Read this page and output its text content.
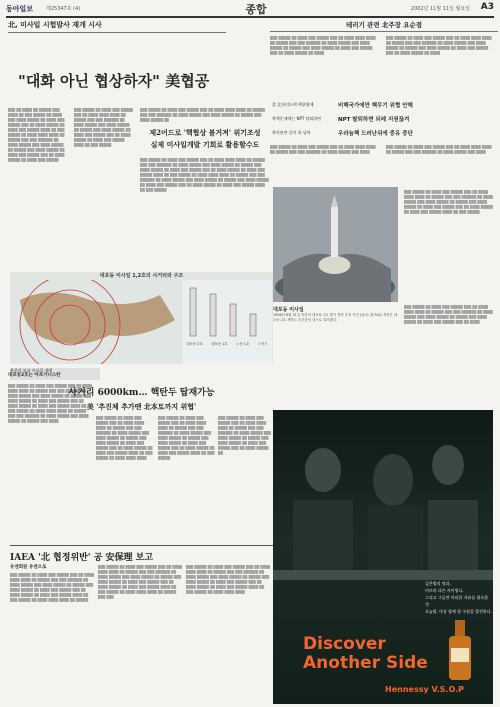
동아일보	제25347호 (4)	종합	2002년 11월 11일 월요일 A3
北, 미사일 시험발사 재개 시사
"대화 아닌 협상하자" 美협공

▒▒▒ ▒▒ ▒▒▒▒ ▒▒ ▒▒▒▒▒ ▒▒▒ ▒▒▒▒ ▒▒ ▒▒▒ ▒▒▒▒▒ ▒▒ ▒▒▒▒ ▒▒▒ ▒▒▒▒ ▒▒▒▒▒ ▒▒ ▒▒▒▒ ▒▒▒ ▒▒▒▒▒ ▒▒▒ ▒▒ ▒▒▒▒ ▒▒▒▒▒ ▒▒ ▒▒▒▒ ▒▒▒ ▒▒▒▒▒ ▒▒▒▒ ▒▒ ▒▒▒ ▒▒▒▒▒ ▒▒ ▒▒▒▒ ▒▒▒▒ ▒▒▒▒ ▒▒ ▒▒▒▒▒ ▒▒▒ ▒▒▒ ▒▒▒▒▒▒ ▒▒ ▒▒▒▒ ▒▒▒▒▒ ▒▒▒ ▒▒▒▒ ▒▒▒▒▒ ▒▒ ▒▒▒▒▒ ▒▒▒ ▒▒▒▒ ▒▒▒▒▒ ▒▒ ▒▒▒▒ ▒▒▒ ▒▒▒▒▒ ▒▒▒ ▒▒ ▒▒▒▒ ▒▒▒▒▒ ▒▒ ▒▒▒▒ ▒▒▒ ▒▒▒▒▒

▒▒▒ ▒▒▒▒▒ ▒▒ ▒▒▒▒ ▒▒▒ ▒▒▒▒▒ ▒▒▒ ▒▒ ▒▒▒▒ ▒▒▒▒ ▒▒▒▒ ▒▒ ▒▒▒▒▒ ▒▒▒ ▒▒▒ ▒▒▒▒▒▒ ▒▒ ▒▒▒▒ ▒▒▒▒▒ ▒▒▒ ▒▒▒▒ ▒▒▒▒▒ ▒▒ ▒▒▒▒▒ ▒▒▒ ▒▒▒▒ ▒▒▒▒▒ ▒▒ ▒▒▒▒ ▒▒▒ ▒▒▒▒▒ ▒▒▒ ▒▒ ▒▒▒▒ ▒▒▒▒▒ ▒▒ ▒▒▒▒ ▒▒▒ ▒▒▒▒▒ ▒▒▒▒ ▒▒ ▒▒▒ ▒▒▒▒▒

제2어드로 '핵협상 볼거져' 위기조성
실제 미사일개발 기회로 활용할수도

▒▒▒ ▒▒▒▒▒ ▒▒ ▒▒▒▒ ▒▒▒ ▒▒▒▒▒ ▒▒▒ ▒▒ ▒▒▒▒ ▒▒▒▒ ▒▒▒▒ ▒▒ ▒▒▒▒▒ ▒▒▒ ▒▒▒ ▒▒▒▒▒▒ ▒▒ ▒▒▒▒ ▒▒▒▒▒ ▒▒▒ ▒▒▒▒ ▒▒▒▒▒ ▒▒ ▒▒▒▒▒ ▒▒▒ ▒▒▒▒ ▒▒▒▒▒ ▒▒

▒▒▒ ▒▒▒▒▒ ▒▒ ▒▒▒▒ ▒▒▒ ▒▒▒▒▒ ▒▒▒ ▒▒ ▒▒▒▒ ▒▒▒▒ ▒▒▒▒ ▒▒ ▒▒▒▒▒ ▒▒▒ ▒▒▒ ▒▒▒▒▒▒ ▒▒ ▒▒▒▒ ▒▒▒▒▒ ▒▒▒ ▒▒▒▒ ▒▒▒▒▒ ▒▒ ▒▒▒▒▒ ▒▒▒ ▒▒▒▒ ▒▒▒▒▒ ▒▒ ▒▒▒▒ ▒▒▒ ▒▒▒▒▒ ▒▒▒ ▒▒ ▒▒▒▒ ▒▒▒▒▒ ▒▒ ▒▒▒▒ ▒▒▒ ▒▒▒▒▒ ▒▒▒▒ ▒▒ ▒▒▒ ▒▒▒▒▒ ▒▒ ▒▒▒▒ ▒▒▒▒ ▒▒▒▒ ▒▒ ▒▒▒▒▒ ▒▒▒ ▒▒▒ ▒▒▒▒▒▒ ▒▒ ▒▒▒▒ ▒▒▒▒▒ ▒▒▒ ▒▒▒▒ ▒▒▒▒▒ ▒▒ ▒▒▒▒▒ ▒▒▒ ▒▒▒▒ ▒▒▒▒▒ ▒▒ ▒▒▒▒ ▒▒▒ ▒▒▒▒▒ ▒▒▒ ▒▒ ▒▒▒▒ ▒▒▒▒▒ ▒▒ ▒▒▒▒ ▒▒▒ ▒▒▒▒▒ ▒▒▒▒ ▒▒ ▒▒▒ ▒▒▒▒▒

대포동 미사일
1998년 8월 31일 북한의 대포동 1호 발사 장면 추정 사진 (출처: 美 FAS) 북한은 대포동 2호 개발도 추진중인 것으로 알려졌다.
대포동 미사일 1,2호의 사거리와 구조
대포동 2호	대포동 1호	노동 1호	스커드
북한의 보유 미사일 제원

▒▒▒ ▒▒▒▒▒ ▒▒ ▒▒▒▒ ▒▒▒ ▒▒▒▒▒ ▒▒▒ ▒▒ ▒▒▒▒ ▒▒▒▒ ▒▒▒▒ ▒▒ ▒▒▒▒▒ ▒▒▒ ▒▒▒ ▒▒▒▒▒▒ ▒▒ ▒▒▒▒ ▒▒▒▒▒ ▒▒▒ ▒▒▒▒ ▒▒▒▒▒ ▒▒ ▒▒▒▒▒ ▒▒▒ ▒▒▒▒ ▒▒▒▒▒ ▒▒ ▒▒▒▒ ▒▒▒ ▒▒▒▒▒ ▒▒▒ ▒▒ ▒▒▒▒ ▒▒▒▒▒ ▒▒ ▒▒▒▒ ▒▒▒ ▒▒▒▒▒ ▒▒▒▒ ▒▒ ▒▒▒ ▒▒▒▒▒ ▒▒ ▒▒▒▒ ▒▒▒▒ ▒▒▒▒ ▒▒ ▒▒▒▒▒ ▒▒▒ ▒▒▒ ▒▒▒▒▒▒ ▒▒ ▒▒▒▒ ▒▒▒▒▒ ▒▒▒ ▒▒▒▒ ▒▒▒▒▒ ▒▒ ▒▒▒▒▒ ▒▒▒ ▒▒▒▒

대포동2호는 아프가니스탄
사거리 6000km… 핵탄두 탑재가능
美 '추진체 추가땐 北本토까지 위협'

▒▒▒ ▒▒▒▒▒ ▒▒ ▒▒▒▒ ▒▒▒ ▒▒▒▒▒ ▒▒▒ ▒▒ ▒▒▒▒ ▒▒▒▒ ▒▒▒▒ ▒▒ ▒▒▒▒▒ ▒▒▒ ▒▒▒ ▒▒▒▒▒▒ ▒▒ ▒▒▒▒ ▒▒▒▒▒ ▒▒▒ ▒▒▒▒ ▒▒▒▒▒ ▒▒ ▒▒▒▒▒ ▒▒▒ ▒▒▒▒ ▒▒▒▒▒ ▒▒ ▒▒▒▒ ▒▒▒ ▒▒▒▒▒ ▒▒▒ ▒▒ ▒▒▒▒ ▒▒▒▒▒ ▒▒ ▒▒▒▒ ▒▒▒ ▒▒▒▒▒ ▒▒▒▒ ▒▒ ▒▒▒ ▒▒▒▒▒ ▒▒ ▒▒▒▒ ▒▒▒▒ ▒▒▒▒

▒▒▒ ▒▒▒▒▒ ▒▒ ▒▒▒▒ ▒▒▒ ▒▒▒▒▒ ▒▒▒ ▒▒ ▒▒▒▒ ▒▒▒▒ ▒▒▒▒ ▒▒ ▒▒▒▒▒ ▒▒▒ ▒▒▒ ▒▒▒▒▒▒ ▒▒ ▒▒▒▒ ▒▒▒▒▒ ▒▒▒ ▒▒▒▒ ▒▒▒▒▒ ▒▒ ▒▒▒▒▒ ▒▒▒ ▒▒▒▒ ▒▒▒▒▒ ▒▒ ▒▒▒▒ ▒▒▒ ▒▒▒▒▒ ▒▒▒ ▒▒ ▒▒▒▒ ▒▒▒▒▒ ▒▒ ▒▒▒▒ ▒▒▒ ▒▒▒▒▒ ▒▒▒▒ ▒▒ ▒▒▒ ▒▒▒▒▒

▒▒▒ ▒▒▒▒▒ ▒▒ ▒▒▒▒ ▒▒▒ ▒▒▒▒▒ ▒▒▒ ▒▒ ▒▒▒▒ ▒▒▒▒ ▒▒▒▒ ▒▒ ▒▒▒▒▒ ▒▒▒ ▒▒▒ ▒▒▒▒▒▒ ▒▒ ▒▒▒▒ ▒▒▒▒▒ ▒▒▒ ▒▒▒▒ ▒▒▒▒▒ ▒▒ ▒▒▒▒▒ ▒▒▒ ▒▒▒▒ ▒▒▒▒▒ ▒▒ ▒▒▒▒ ▒▒▒ ▒▒▒▒▒ ▒▒▒ ▒▒ ▒▒▒▒ ▒▒▒▒▒ ▒▒

IAEA '北 협정위반' 공 安保理 보고
유엔회원 유엔으로

▒▒▒ ▒▒▒▒▒ ▒▒ ▒▒▒▒ ▒▒▒ ▒▒▒▒▒ ▒▒▒ ▒▒ ▒▒▒▒ ▒▒▒▒ ▒▒▒▒ ▒▒ ▒▒▒▒▒ ▒▒▒ ▒▒▒ ▒▒▒▒▒▒ ▒▒ ▒▒▒▒ ▒▒▒▒▒ ▒▒▒ ▒▒▒▒ ▒▒▒▒▒ ▒▒ ▒▒▒▒▒ ▒▒▒ ▒▒▒▒ ▒▒▒▒▒ ▒▒ ▒▒▒▒ ▒▒▒ ▒▒▒▒▒ ▒▒▒ ▒▒ ▒▒▒▒ ▒▒▒▒▒ ▒▒ ▒▒▒▒ ▒▒▒ ▒▒▒▒▒ ▒▒▒▒ ▒▒ ▒▒▒ ▒▒▒▒▒ ▒▒ ▒▒▒▒ ▒▒▒▒ ▒▒▒▒ ▒▒ ▒▒▒▒▒

▒▒▒ ▒▒▒▒▒ ▒▒ ▒▒▒▒ ▒▒▒ ▒▒▒▒▒ ▒▒▒ ▒▒ ▒▒▒▒ ▒▒▒▒ ▒▒▒▒ ▒▒ ▒▒▒▒▒ ▒▒▒ ▒▒▒ ▒▒▒▒▒▒ ▒▒ ▒▒▒▒ ▒▒▒▒▒ ▒▒▒ ▒▒▒▒ ▒▒▒▒▒ ▒▒ ▒▒▒▒▒ ▒▒▒ ▒▒▒▒ ▒▒▒▒▒ ▒▒ ▒▒▒▒ ▒▒▒ ▒▒▒▒▒ ▒▒▒ ▒▒ ▒▒▒▒ ▒▒▒▒▒ ▒▒ ▒▒▒▒ ▒▒▒ ▒▒▒▒▒ ▒▒▒▒ ▒▒ ▒▒▒ ▒▒▒▒▒ ▒▒ ▒▒▒▒ ▒▒▒▒ ▒▒▒▒ ▒▒ ▒▒▒▒▒ ▒▒▒ ▒▒▒

▒▒▒ ▒▒▒▒▒ ▒▒ ▒▒▒▒ ▒▒▒ ▒▒▒▒▒ ▒▒▒ ▒▒ ▒▒▒▒ ▒▒▒▒ ▒▒▒▒ ▒▒ ▒▒▒▒▒ ▒▒▒ ▒▒▒ ▒▒▒▒▒▒ ▒▒ ▒▒▒▒ ▒▒▒▒▒ ▒▒▒ ▒▒▒▒ ▒▒▒▒▒ ▒▒ ▒▒▒▒▒ ▒▒▒ ▒▒▒▒ ▒▒▒▒▒ ▒▒ ▒▒▒▒ ▒▒▒ ▒▒▒▒▒ ▒▒▒ ▒▒ ▒▒▒▒ ▒▒▒▒▒ ▒▒ ▒▒▒▒ ▒▒▒ ▒▒▒▒▒ ▒▒▒▒ ▒▒ ▒▒▒ ▒▒▒▒▒ ▒▒ ▒▒▒▒ ▒▒▒▒ ▒▒▒▒

테러기 관련 北주장 요순점

▒▒▒ ▒▒▒▒▒ ▒▒ ▒▒▒▒ ▒▒▒ ▒▒▒▒▒ ▒▒▒ ▒▒ ▒▒▒▒ ▒▒▒▒ ▒▒▒▒ ▒▒ ▒▒▒▒▒ ▒▒▒ ▒▒▒ ▒▒▒▒▒▒ ▒▒ ▒▒▒▒ ▒▒▒▒▒ ▒▒▒ ▒▒▒▒ ▒▒▒▒▒ ▒▒ ▒▒▒▒▒ ▒▒▒ ▒▒▒▒ ▒▒▒▒▒ ▒▒ ▒▒▒▒ ▒▒▒ ▒▒▒▒▒ ▒▒▒ ▒▒ ▒▒▒▒ ▒▒▒▒▒ ▒▒ ▒▒▒▒

▒▒▒ ▒▒▒▒▒ ▒▒ ▒▒▒▒ ▒▒▒ ▒▒▒▒▒ ▒▒▒ ▒▒ ▒▒▒▒ ▒▒▒▒ ▒▒▒▒ ▒▒ ▒▒▒▒▒ ▒▒▒ ▒▒▒ ▒▒▒▒▒▒ ▒▒ ▒▒▒▒ ▒▒▒▒▒ ▒▒▒ ▒▒▒▒ ▒▒▒▒▒ ▒▒ ▒▒▒▒▒ ▒▒▒ ▒▒▒▒ ▒▒▒▒▒ ▒▒ ▒▒▒▒ ▒▒▒ ▒▒▒▒▒ ▒▒▒ ▒▒ ▒▒▒▒ ▒▒▒▒▒ ▒▒ ▒▒▒▒

美 北한의도핵 핵위협에	비핵국가에만 핵무기 위협 안해
북핵문제에는 NPT 탈퇴하면	NPT 탈퇴하면 되레 지원끊겨
북미관련 플아 하 남북	우라늄핵 드러난뒤에 중유 중단

▒▒▒ ▒▒▒▒▒ ▒▒ ▒▒▒▒ ▒▒▒ ▒▒▒▒▒ ▒▒▒ ▒▒ ▒▒▒▒ ▒▒▒▒ ▒▒▒▒ ▒▒ ▒▒▒▒▒ ▒▒▒ ▒▒▒ ▒▒▒▒▒▒ ▒▒ ▒▒▒▒ ▒▒▒▒▒ ▒▒▒ ▒▒▒▒

▒▒▒ ▒▒▒▒▒ ▒▒ ▒▒▒▒ ▒▒▒ ▒▒▒▒▒ ▒▒▒ ▒▒ ▒▒▒▒ ▒▒▒▒ ▒▒▒▒ ▒▒ ▒▒▒▒▒ ▒▒▒ ▒▒▒ ▒▒▒▒▒▒ ▒▒ ▒▒▒▒ ▒▒▒▒▒ ▒▒▒ ▒▒▒▒

▒▒▒ ▒▒▒▒▒ ▒▒ ▒▒▒▒ ▒▒▒ ▒▒▒▒▒ ▒▒▒ ▒▒ ▒▒▒▒ ▒▒▒▒ ▒▒▒▒ ▒▒ ▒▒▒▒▒ ▒▒▒ ▒▒▒ ▒▒▒▒▒▒ ▒▒ ▒▒▒▒ ▒▒▒▒▒ ▒▒▒ ▒▒▒▒ ▒▒▒▒▒ ▒▒ ▒▒▒▒▒ ▒▒▒ ▒▒▒▒ ▒▒▒▒▒ ▒▒ ▒▒▒▒ ▒▒▒ ▒▒▒▒▒ ▒▒▒ ▒▒ ▒▒▒▒ ▒▒▒▒▒ ▒▒ ▒▒▒▒ ▒▒▒ ▒▒▒▒▒ ▒▒▒▒ ▒▒ ▒▒▒ ▒▒▒▒▒

▒▒▒ ▒▒▒▒▒ ▒▒ ▒▒▒▒ ▒▒▒ ▒▒▒▒▒ ▒▒▒ ▒▒ ▒▒▒▒ ▒▒▒▒ ▒▒▒▒ ▒▒ ▒▒▒▒▒ ▒▒▒ ▒▒▒ ▒▒▒▒▒▒ ▒▒ ▒▒▒▒ ▒▒▒▒▒ ▒▒▒ ▒▒▒▒ ▒▒▒▒▒ ▒▒ ▒▒▒▒▒ ▒▒▒ ▒▒▒▒ ▒▒▒▒▒ ▒▒ ▒▒▒▒ ▒▒▒ ▒▒▒▒▒ ▒▒▒ ▒▒ ▒▒▒▒

깊은밤의 멋과,
미르의 다른 사이영니.
그리고 그들만 아리한 자유를 위오한 것
오늘밤, 마상 함께 할 구원을 발견하다.
Discover
Another Side
Hennessy V.S.O.P
